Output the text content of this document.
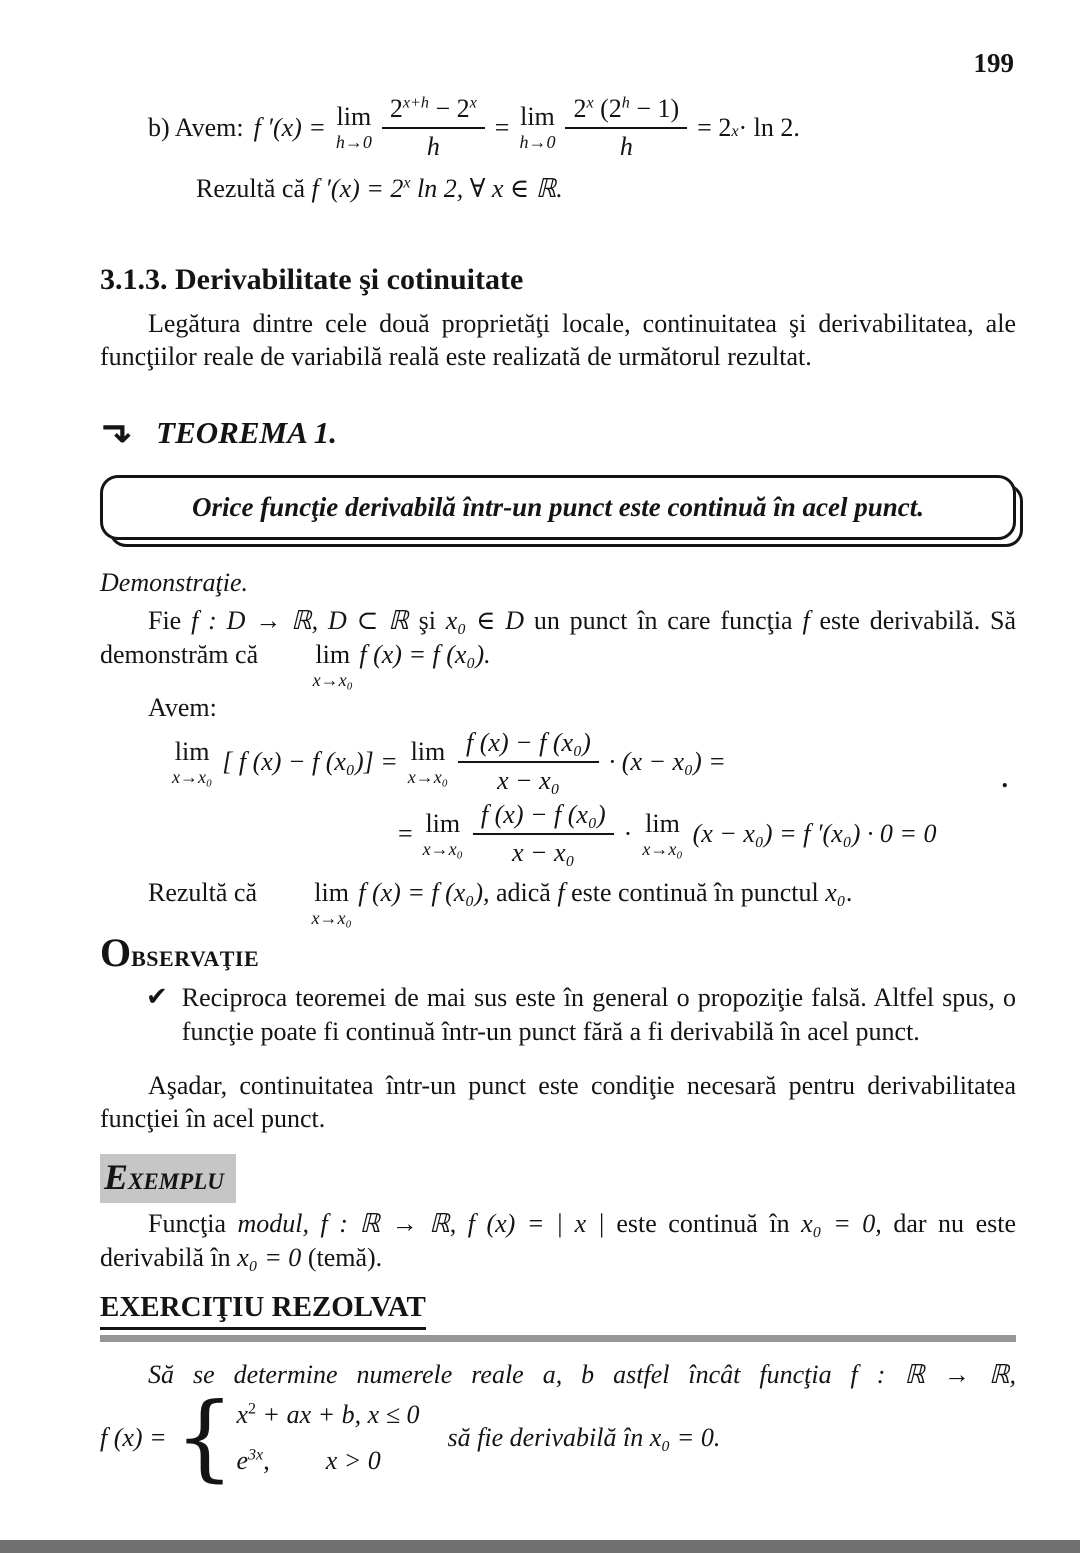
199
b) Avem: f ′(x) = lim
$h\to 0 \frac{2^{x+h} - 2^x}{h} = \lim$
$h\to 0 \frac{2^x (2^h - 1)}{h} = 2$ x · ln 2.

Rezultă că f $'(x) = 2^x$ ln 2, ∀ x ∈ ℝ.

3.1.3. Derivabilitate şi cotinuitate

Legătura dintre cele două proprietăţi locale, continuitatea şi derivabilitatea, ale funcţiilor reale de variabilă reală este realizată de următorul rezultat.

↳ TEOREMA 1.
Orice funcţie derivabilă într-un punct este continuă în acel punct.

Demonstraţie.

Fie f : D → ℝ, D ⊂ ℝ şi x₀ ∈ D un punct în care funcţia f este derivabilă. Să demonstrăm că	lim
x→x₀
f (x) = f (x₀).

Avem:

lim
x→x₀
[ f (x) − f (x₀)] = lim
$x\to x_0 \frac{\text{f (x) − f (x₀)}}{\text{x − x₀}} \cdot (x - x_0)$ =
.
= lim
$x\to x_0 \frac{\text{f (x) − f (x₀)}}{\text{x − x₀}} \cdot \lim$
x→x₀
(x − x₀) = f ′(x₀) · 0 = 0

Rezultă că	lim
x→x₀
f (x) = f (x₀), adică f este continuă în punctul x₀.

OBSERVAŢIE
✔ Reciproca teoremei de mai sus este în general o propoziţie falsă. Altfel spus, o funcţie poate fi continuă într-un punct fără a fi derivabilă în acel punct.

Aşadar, continuitatea într-un punct este condiţie necesară pentru derivabilitatea funcţiei în acel punct.

EXEMPLU

Funcţia modul, f : ℝ → ℝ, f (x) = | x | este continuă în x₀ = 0, dar nu este derivabilă în x₀ = 0 (temă).

EXERCIŢIU REZOLVAT

Să se determine numerele reale a, b astfel încât funcţia f : ℝ → ℝ,

f (x) = { $x^2$ + ax + b, x ≤ 0
$e^{3x}$, x > 0
să fie derivabilă în x₀ = 0.
